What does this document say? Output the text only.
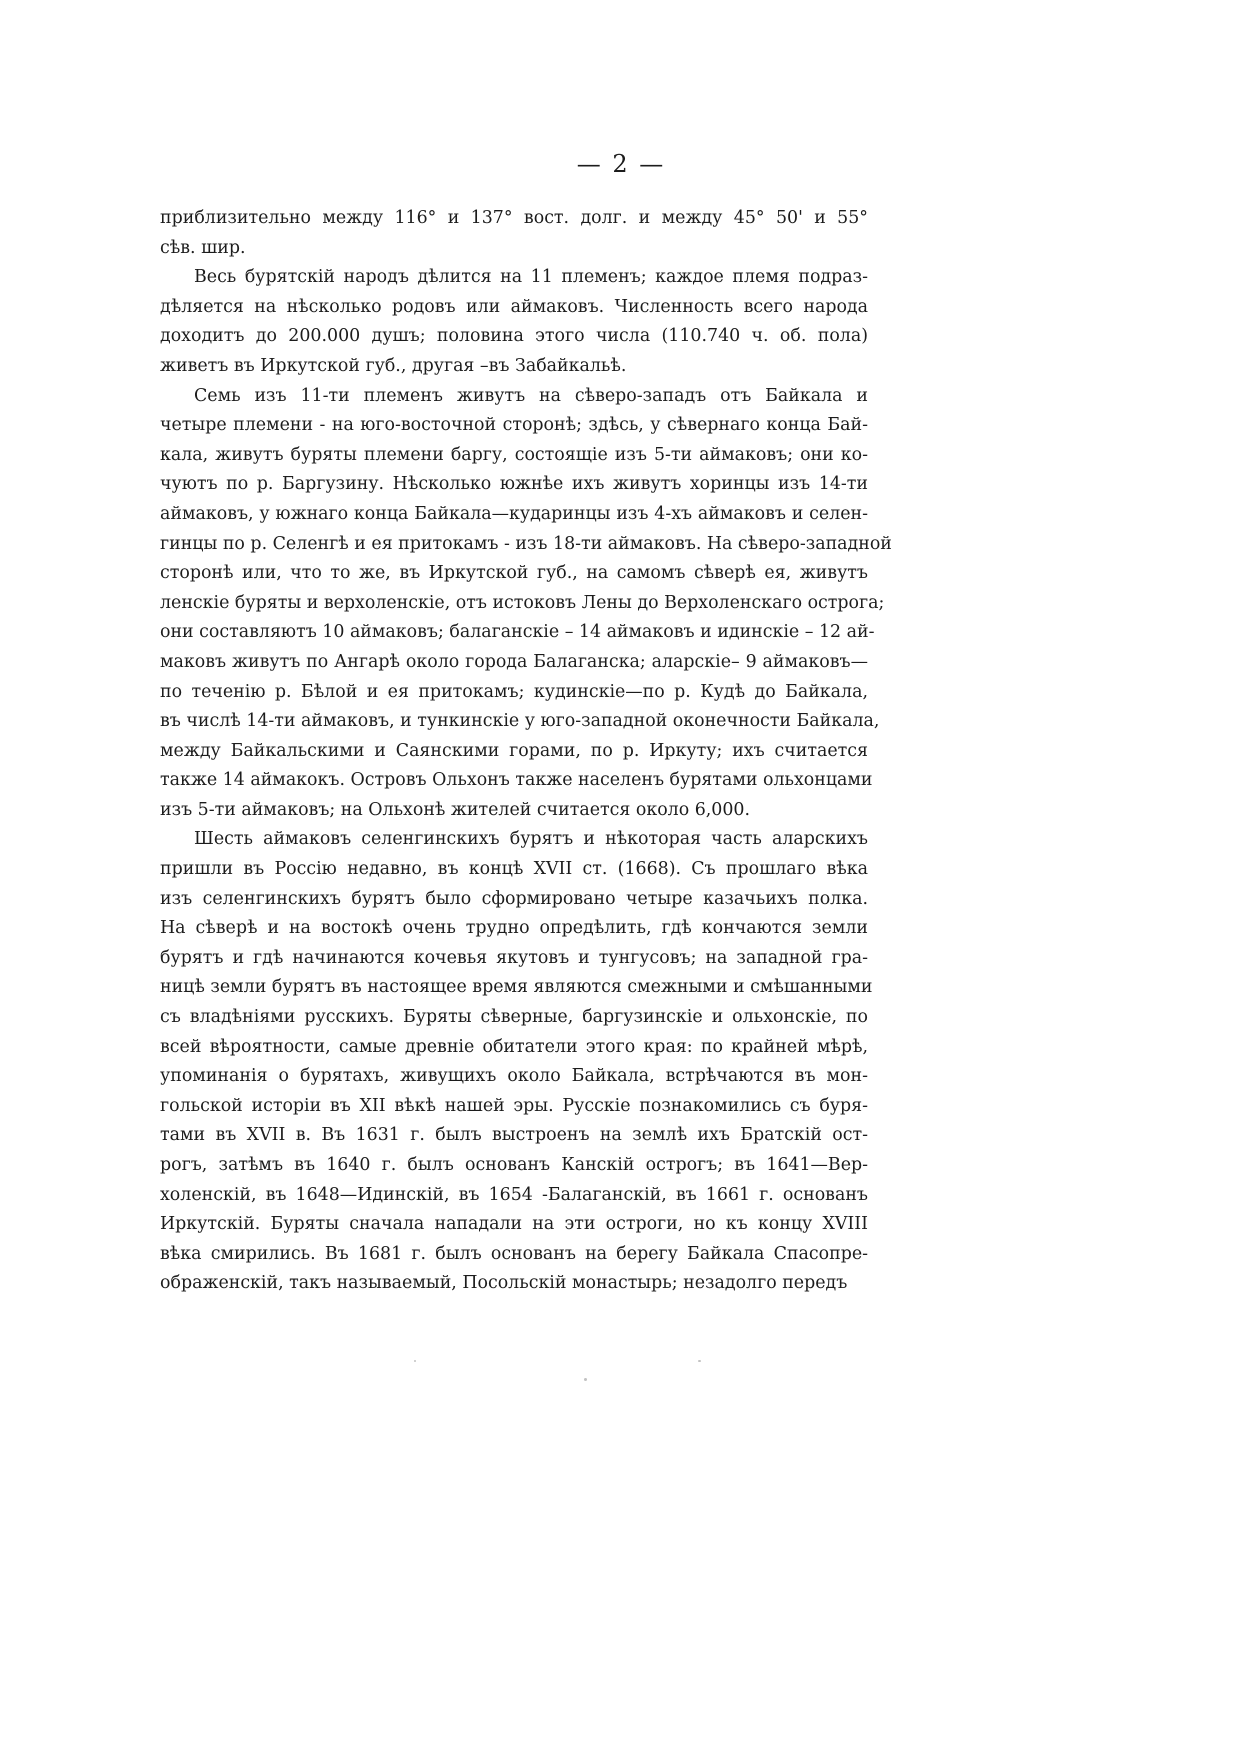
— 2 —
приблизительно между 116° и 137° вост. долг. и между 45° 50' и 55°
сѣв. шир.
Весь бурятскій народъ дѣлится на 11 племенъ; каждое племя подраз-
дѣляется на нѣсколько родовъ или аймаковъ. Численность всего народа
доходитъ до 200.000 душъ; половина этого числа (110.740 ч. об. пола)
живетъ въ Иркутской губ., другая –въ Забайкальѣ.
Семь изъ 11-ти племенъ живутъ на сѣверо-западъ отъ Байкала и
четыре племени - на юго-восточной сторонѣ; здѣсь, у сѣвернаго конца Бай-
кала, живутъ буряты племени баргу, состоящіе изъ 5-ти аймаковъ; они ко-
чуютъ по р. Баргузину. Нѣсколько южнѣе ихъ живутъ хоринцы изъ 14-ти
аймаковъ, у южнаго конца Байкала—кударинцы изъ 4-хъ аймаковъ и селен-
гинцы по р. Селенгѣ и ея притокамъ - изъ 18-ти аймаковъ. На сѣверо-западной
сторонѣ или, что то же, въ Иркутской губ., на самомъ сѣверѣ ея, живутъ
ленскіе буряты и верхоленскіе, отъ истоковъ Лены до Верхоленскаго острога;
они составляютъ 10 аймаковъ; балаганскіе – 14 аймаковъ и идинскіе – 12 ай-
маковъ живутъ по Ангарѣ около города Балаганска; аларскіе– 9 аймаковъ—
по теченію р. Бѣлой и ея притокамъ; кудинскіе—по р. Кудѣ до Байкала,
въ числѣ 14-ти аймаковъ, и тункинскіе у юго-западной оконечности Байкала,
между Байкальскими и Саянскими горами, по р. Иркуту; ихъ считается
также 14 аймакокъ. Островъ Ольхонъ также населенъ бурятами ольхонцами
изъ 5-ти аймаковъ; на Ольхонѣ жителей считается около 6,000.
Шесть аймаковъ селенгинскихъ бурятъ и нѣкоторая часть аларскихъ
пришли въ Россію недавно, въ концѣ XVII ст. (1668). Съ прошлаго вѣка
изъ селенгинскихъ бурятъ было сформировано четыре казачьихъ полка.
На сѣверѣ и на востокѣ очень трудно опредѣлить, гдѣ кончаются земли
бурятъ и гдѣ начинаются кочевья якутовъ и тунгусовъ; на западной гра-
ницѣ земли бурятъ въ настоящее время являются смежными и смѣшанными
съ владѣніями русскихъ. Буряты сѣверные, баргузинскіе и ольхонскіе, по
всей вѣроятности, самые древніе обитатели этого края: по крайней мѣрѣ,
упоминанія о бурятахъ, живущихъ около Байкала, встрѣчаются въ мон-
гольской исторіи въ XII вѣкѣ нашей эры. Русскіе познакомились съ буря-
тами въ XVII в. Въ 1631 г. былъ выстроенъ на землѣ ихъ Братскій ост-
рогъ, затѣмъ въ 1640 г. былъ основанъ Канскій острогъ; въ 1641—Вер-
холенскій, въ 1648—Идинскій, въ 1654 -Балаганскій, въ 1661 г. основанъ
Иркутскій. Буряты сначала нападали на эти остроги, но къ концу XVIII
вѣка смирились. Въ 1681 г. былъ основанъ на берегу Байкала Спасопре-
ображенскій, такъ называемый, Посольскій монастырь; незадолго передъ
